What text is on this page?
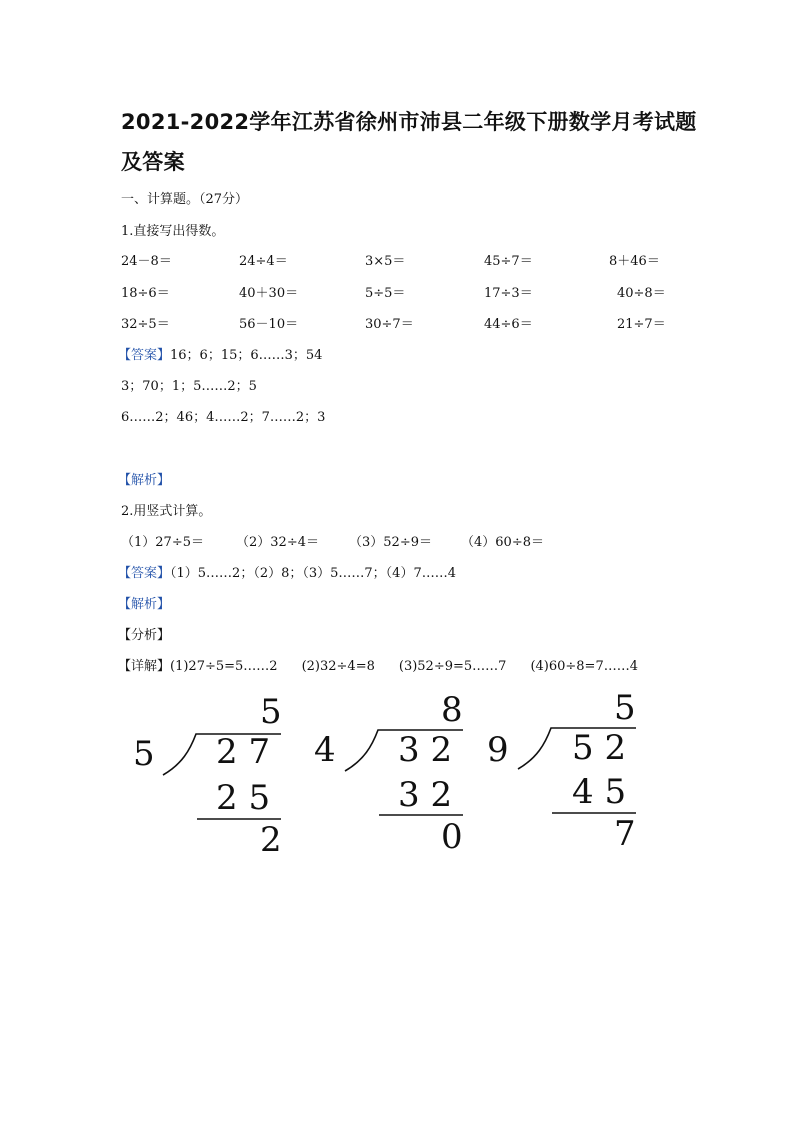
2021-2022学年江苏省徐州市沛县二年级下册数学月考试题
及答案
一、计算题。（27分）
1.直接写出得数。
24－8＝	24÷4＝	3×5＝	45÷7＝	8＋46＝
18÷6＝	40＋30＝	5÷5＝	17÷3＝	40÷8＝
32÷5＝	56－10＝	30÷7＝	44÷6＝	21÷7＝
【答案】16；6；15；6……3；54
3；70；1；5……2；5
6……2；46；4……2；7……2；3
【解析】
2.用竖式计算。
（1）27÷5＝ （2）32÷4＝ （3）52÷9＝ （4）60÷8＝
【答案】（1）5……2；（2）8；（3）5……7；（4）7……4
【解析】
【分析】
【详解】(1)27÷5=5……2 (2)32÷4=8 (3)52÷9=5……7 (4)60÷8=7……4
5
5 2 7
2 5
2
8
4 3 2
3 2
0
5
9 5 2
4 5
7
